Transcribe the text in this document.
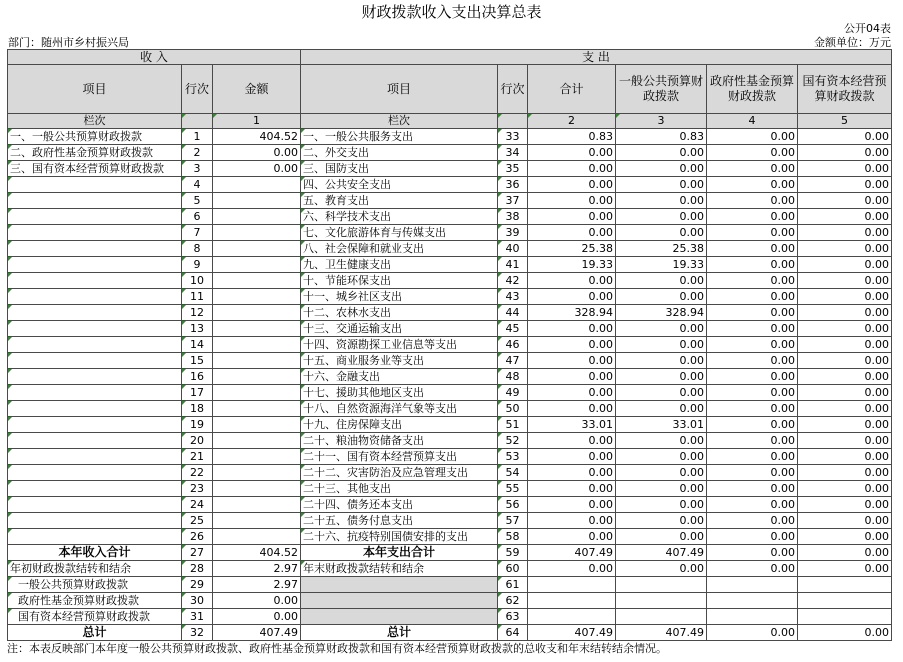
财政拨款收入支出决算总表
公开04表
部门：随州市乡村振兴局	金额单位：万元
收 入			支 出					
项目	行次	金额	项目	行次	合计	一般公共预算财政拨款	政府性基金预算财政拨款	国有资本经营预算财政拨款
栏次		1	栏次		2	3	4	5
一、一般公共预算财政拨款	1	404.52	一、一般公共服务支出	33	0.83	0.83	0.00	0.00
二、政府性基金预算财政拨款	2	0.00	二、外交支出	34	0.00	0.00	0.00	0.00
三、国有资本经营预算财政拨款	3	0.00	三、国防支出	35	0.00	0.00	0.00	0.00
	4		四、公共安全支出	36	0.00	0.00	0.00	0.00
	5		五、教育支出	37	0.00	0.00	0.00	0.00
	6		六、科学技术支出	38	0.00	0.00	0.00	0.00
	7		七、文化旅游体育与传媒支出	39	0.00	0.00	0.00	0.00
	8		八、社会保障和就业支出	40	25.38	25.38	0.00	0.00
	9		九、卫生健康支出	41	19.33	19.33	0.00	0.00
	10		十、节能环保支出	42	0.00	0.00	0.00	0.00
	11		十一、城乡社区支出	43	0.00	0.00	0.00	0.00
	12		十二、农林水支出	44	328.94	328.94	0.00	0.00
	13		十三、交通运输支出	45	0.00	0.00	0.00	0.00
	14		十四、资源勘探工业信息等支出	46	0.00	0.00	0.00	0.00
	15		十五、商业服务业等支出	47	0.00	0.00	0.00	0.00
	16		十六、金融支出	48	0.00	0.00	0.00	0.00
	17		十七、援助其他地区支出	49	0.00	0.00	0.00	0.00
	18		十八、自然资源海洋气象等支出	50	0.00	0.00	0.00	0.00
	19		十九、住房保障支出	51	33.01	33.01	0.00	0.00
	20		二十、粮油物资储备支出	52	0.00	0.00	0.00	0.00
	21		二十一、国有资本经营预算支出	53	0.00	0.00	0.00	0.00
	22		二十二、灾害防治及应急管理支出	54	0.00	0.00	0.00	0.00
	23		二十三、其他支出	55	0.00	0.00	0.00	0.00
	24		二十四、债务还本支出	56	0.00	0.00	0.00	0.00
	25		二十五、债务付息支出	57	0.00	0.00	0.00	0.00
	26		二十六、抗疫特别国债安排的支出	58	0.00	0.00	0.00	0.00
本年收入合计	27	404.52	本年支出合计	59	407.49	407.49	0.00	0.00
年初财政拨款结转和结余	28	2.97	年末财政拨款结转和结余	60	0.00	0.00	0.00	0.00
一般公共预算财政拨款	29	2.97		61				
政府性基金预算财政拨款	30	0.00		62				
国有资本经营预算财政拨款	31	0.00		63				
总计	32	407.49	总计	64	407.49	407.49	0.00	0.00
注：本表反映部门本年度一般公共预算财政拨款、政府性基金预算财政拨款和国有资本经营预算财政拨款的总收支和年末结转结余情况。
